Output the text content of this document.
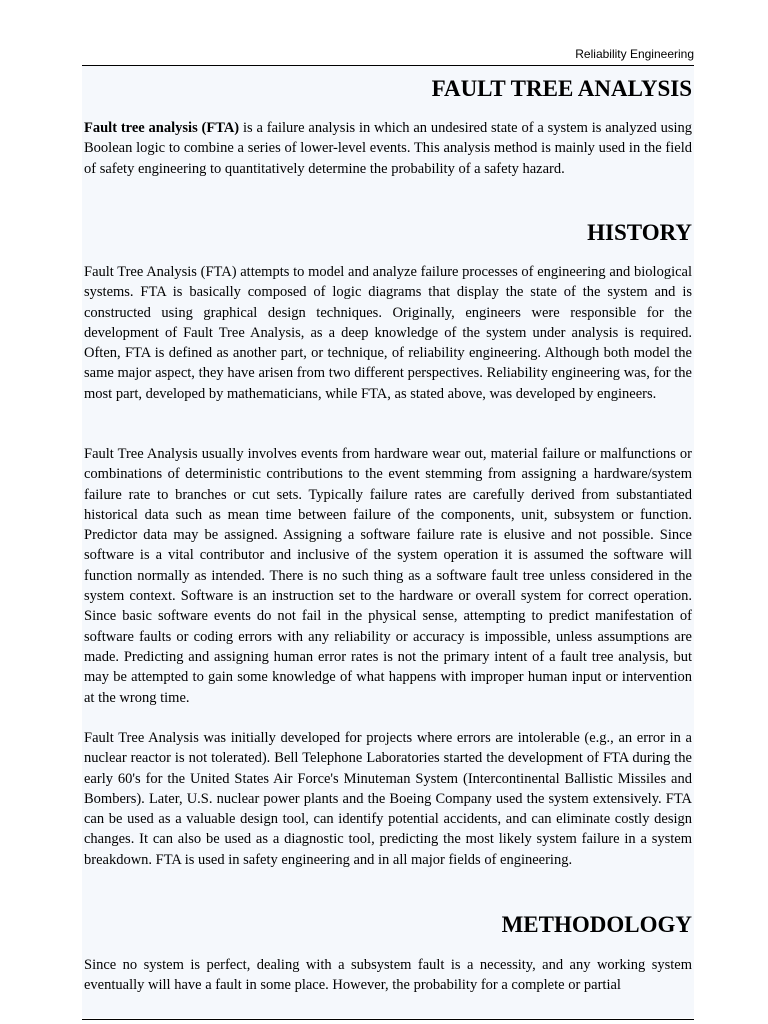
Reliability Engineering
FAULT TREE ANALYSIS

Fault tree analysis (FTA) is a failure analysis in which an undesired state of a system is analyzed using Boolean logic to combine a series of lower-level events. This analysis method is mainly used in the field of safety engineering to quantitatively determine the probability of a safety hazard.

HISTORY

Fault Tree Analysis (FTA) attempts to model and analyze failure processes of engineering and biological systems. FTA is basically composed of logic diagrams that display the state of the system and is constructed using graphical design techniques. Originally, engineers were responsible for the development of Fault Tree Analysis, as a deep knowledge of the system under analysis is required. Often, FTA is defined as another part, or technique, of reliability engineering. Although both model the same major aspect, they have arisen from two different perspectives. Reliability engineering was, for the most part, developed by mathematicians, while FTA, as stated above, was developed by engineers.

Fault Tree Analysis usually involves events from hardware wear out, material failure or malfunctions or combinations of deterministic contributions to the event stemming from assigning a hardware/system failure rate to branches or cut sets. Typically failure rates are carefully derived from substantiated historical data such as mean time between failure of the components, unit, subsystem or function. Predictor data may be assigned. Assigning a software failure rate is elusive and not possible. Since software is a vital contributor and inclusive of the system operation it is assumed the software will function normally as intended. There is no such thing as a software fault tree unless considered in the system context. Software is an instruction set to the hardware or overall system for correct operation. Since basic software events do not fail in the physical sense, attempting to predict manifestation of software faults or coding errors with any reliability or accuracy is impossible, unless assumptions are made. Predicting and assigning human error rates is not the primary intent of a fault tree analysis, but may be attempted to gain some knowledge of what happens with improper human input or intervention at the wrong time.

Fault Tree Analysis was initially developed for projects where errors are intolerable (e.g., an error in a nuclear reactor is not tolerated). Bell Telephone Laboratories started the development of FTA during the early 60's for the United States Air Force's Minuteman System (Intercontinental Ballistic Missiles and Bombers). Later, U.S. nuclear power plants and the Boeing Company used the system extensively. FTA can be used as a valuable design tool, can identify potential accidents, and can eliminate costly design changes. It can also be used as a diagnostic tool, predicting the most likely system failure in a system breakdown. FTA is used in safety engineering and in all major fields of engineering.

METHODOLOGY

Since no system is perfect, dealing with a subsystem fault is a necessity, and any working system eventually will have a fault in some place. However, the probability for a complete or partial
